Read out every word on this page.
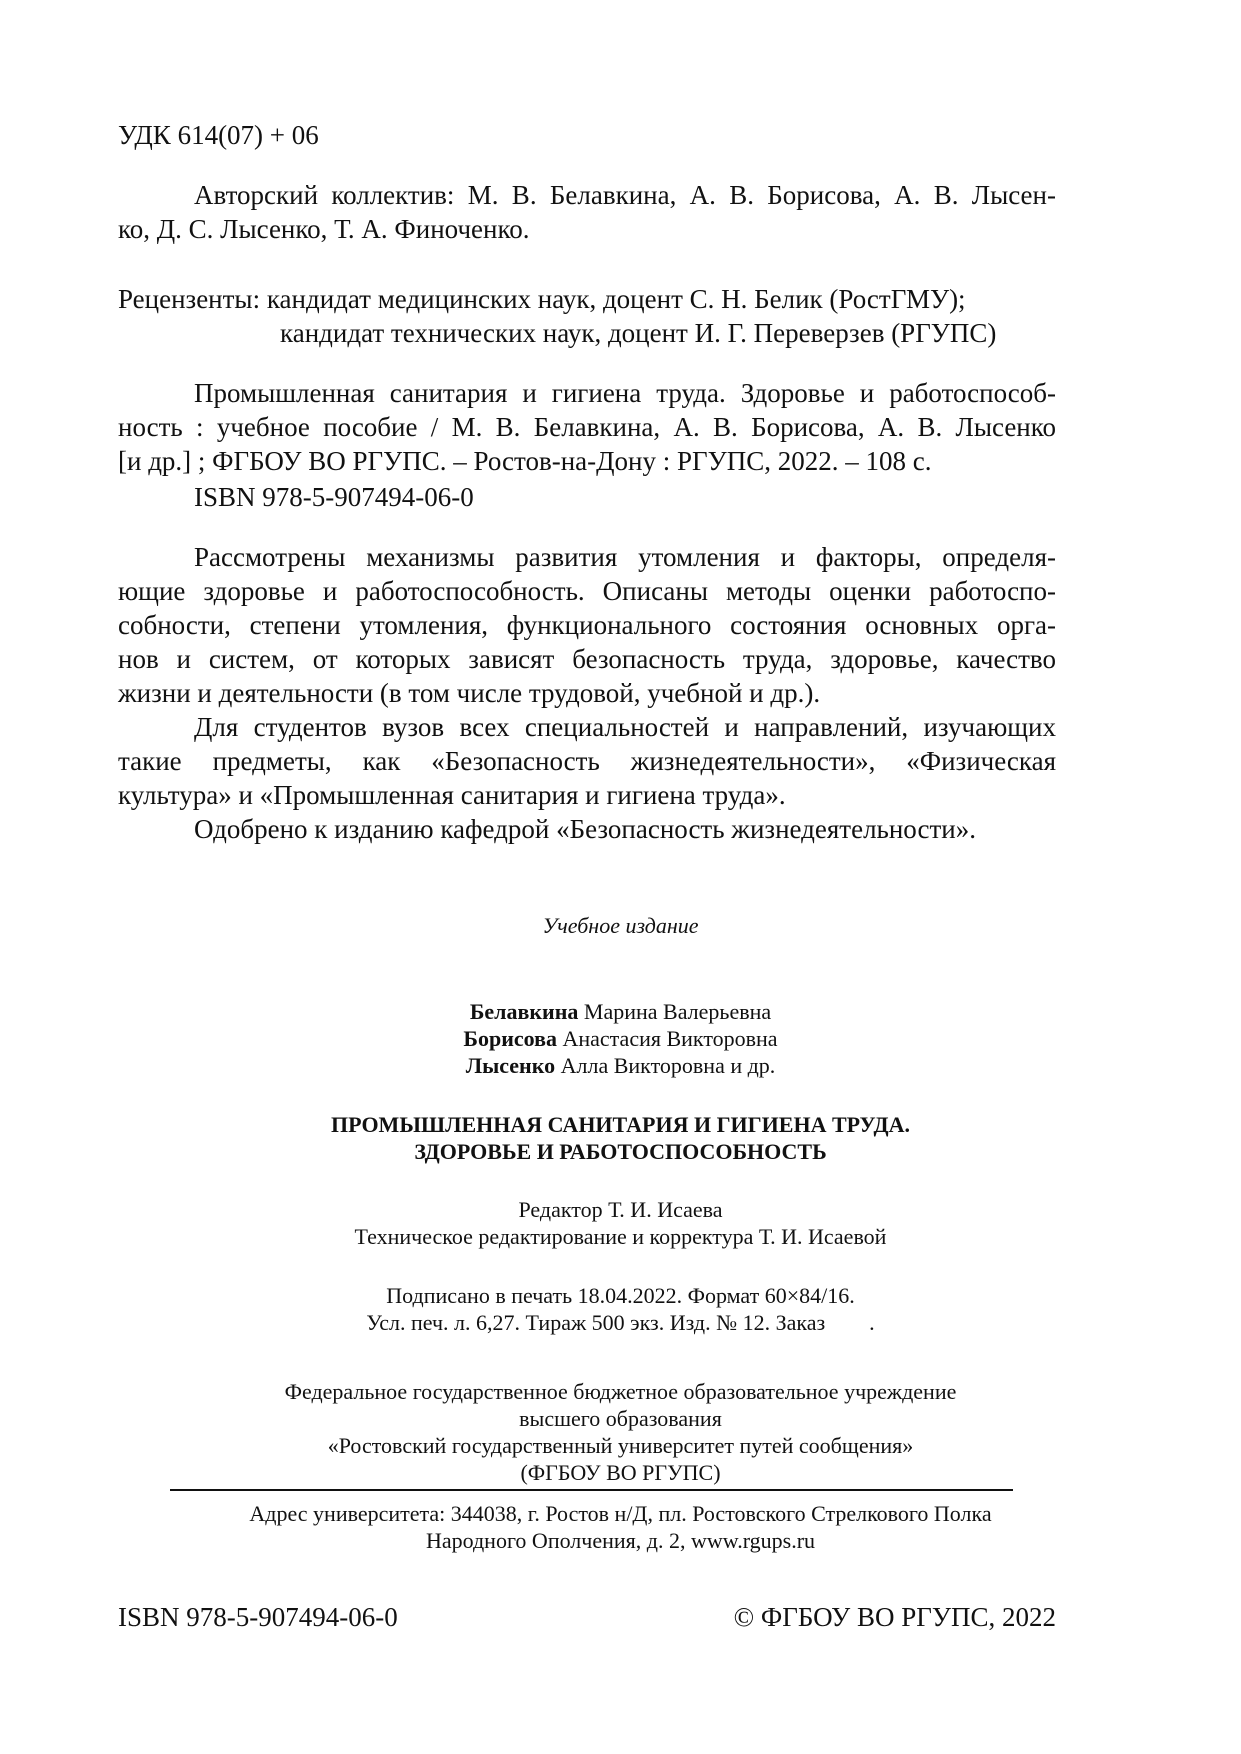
УДК 614(07) + 06
Авторский коллектив: М. В. Белавкина, А. В. Борисова, А. В. Лысен-
ко, Д. С. Лысенко, Т. А. Финоченко.
Рецензенты: кандидат медицинских наук, доцент С. Н. Белик (РостГМУ);
кандидат технических наук, доцент И. Г. Переверзев (РГУПС)
Промышленная санитария и гигиена труда. Здоровье и работоспособ-
ность : учебное пособие / М. В. Белавкина, А. В. Борисова, А. В. Лысенко
[и др.] ; ФГБОУ ВО РГУПС. – Ростов-на-Дону : РГУПС, 2022. – 108 с.
ISBN 978-5-907494-06-0
Рассмотрены механизмы развития утомления и факторы, определя-
ющие здоровье и работоспособность. Описаны методы оценки работоспо-
собности, степени утомления, функционального состояния основных орга-
нов и систем, от которых зависят безопасность труда, здоровье, качество
жизни и деятельности (в том числе трудовой, учебной и др.).
Для студентов вузов всех специальностей и направлений, изучающих
такие предметы, как «Безопасность жизнедеятельности», «Физическая
культура» и «Промышленная санитария и гигиена труда».
Одобрено к изданию кафедрой «Безопасность жизнедеятельности».
Учебное издание
Белавкина Марина Валерьевна
Борисова Анастасия Викторовна
Лысенко Алла Викторовна и др.
ПРОМЫШЛЕННАЯ САНИТАРИЯ И ГИГИЕНА ТРУДА.
ЗДОРОВЬЕ И РАБОТОСПОСОБНОСТЬ
Редактор Т. И. Исаева
Техническое редактирование и корректура Т. И. Исаевой
Подписано в печать 18.04.2022. Формат 60×84/16.
Усл. печ. л. 6,27. Тираж 500 экз. Изд. № 12. Заказ        .
Федеральное государственное бюджетное образовательное учреждение
высшего образования
«Ростовский государственный университет путей сообщения»
(ФГБОУ ВО РГУПС)
Адрес университета: 344038, г. Ростов н/Д, пл. Ростовского Стрелкового Полка
Народного Ополчения, д. 2, www.rgups.ru
ISBN 978-5-907494-06-0	© ФГБОУ ВО РГУПС, 2022
